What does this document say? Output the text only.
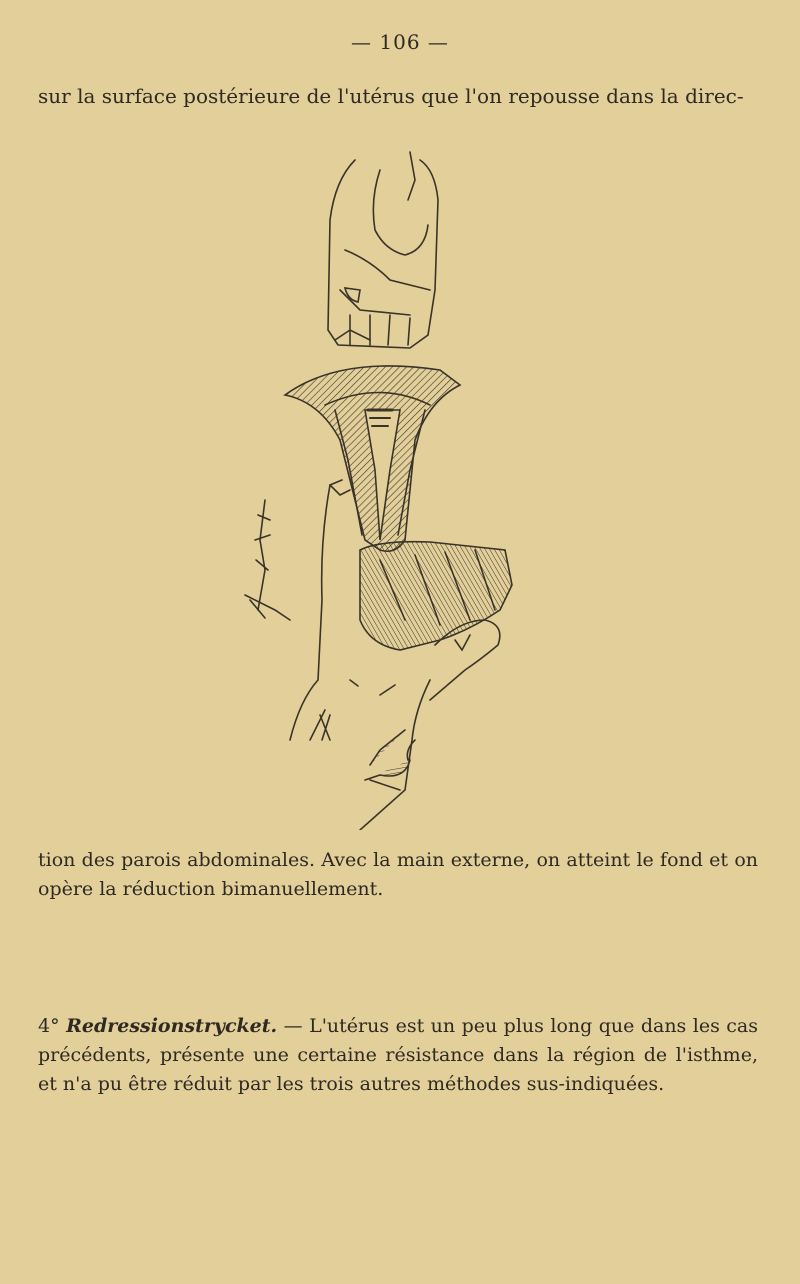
— 106 —

sur la surface postérieure de l'utérus que l'on repousse dans la direc-

tion des parois abdominales. Avec la main externe, on atteint le fond et on opère la réduction bimanuellement.

4° Redressionstrycket. — L'utérus est un peu plus long que dans les cas précédents, présente une certaine résistance dans la région de l'isthme, et n'a pu être réduit par les trois autres méthodes sus-indiquées.
